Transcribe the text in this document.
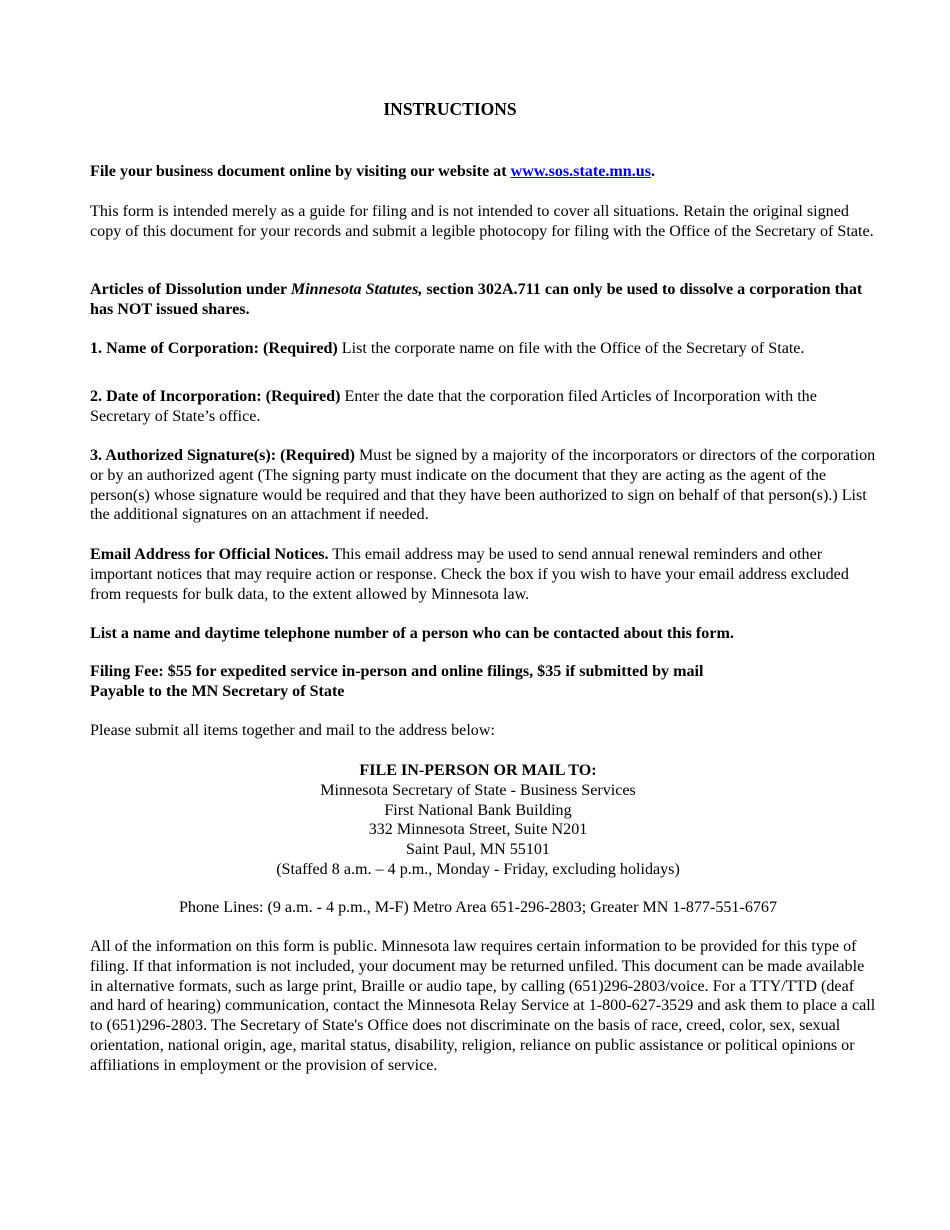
INSTRUCTIONS

File your business document online by visiting our website at www.sos.state.mn.us.

This form is intended merely as a guide for filing and is not intended to cover all situations. Retain the original signed copy of this document for your records and submit a legible photocopy for filing with the Office of the Secretary of State.

Articles of Dissolution under Minnesota Statutes, section 302A.711 can only be used to dissolve a corporation that has NOT issued shares.

1. Name of Corporation: (Required) List the corporate name on file with the Office of the Secretary of State.

2. Date of Incorporation: (Required) Enter the date that the corporation filed Articles of Incorporation with the Secretary of State’s office.

3. Authorized Signature(s): (Required) Must be signed by a majority of the incorporators or directors of the corporation or by an authorized agent (The signing party must indicate on the document that they are acting as the agent of the person(s) whose signature would be required and that they have been authorized to sign on behalf of that person(s).) List the additional signatures on an attachment if needed.

Email Address for Official Notices. This email address may be used to send annual renewal reminders and other important notices that may require action or response. Check the box if you wish to have your email address excluded from requests for bulk data, to the extent allowed by Minnesota law.

List a name and daytime telephone number of a person who can be contacted about this form.

Filing Fee: $55 for expedited service in-person and online filings, $35 if submitted by mail
Payable to the MN Secretary of State

Please submit all items together and mail to the address below:

FILE IN-PERSON OR MAIL TO:
Minnesota Secretary of State - Business Services
First National Bank Building
332 Minnesota Street, Suite N201
Saint Paul, MN 55101
(Staffed 8 a.m. – 4 p.m., Monday - Friday, excluding holidays)

Phone Lines: (9 a.m. - 4 p.m., M-F) Metro Area 651-296-2803; Greater MN 1-877-551-6767

All of the information on this form is public. Minnesota law requires certain information to be provided for this type of filing. If that information is not included, your document may be returned unfiled. This document can be made available in alternative formats, such as large print, Braille or audio tape, by calling (651)296-2803/voice. For a TTY/TTD (deaf and hard of hearing) communication, contact the Minnesota Relay Service at 1-800-627-3529 and ask them to place a call to (651)296-2803. The Secretary of State's Office does not discriminate on the basis of race, creed, color, sex, sexual orientation, national origin, age, marital status, disability, religion, reliance on public assistance or political opinions or affiliations in employment or the provision of service.
